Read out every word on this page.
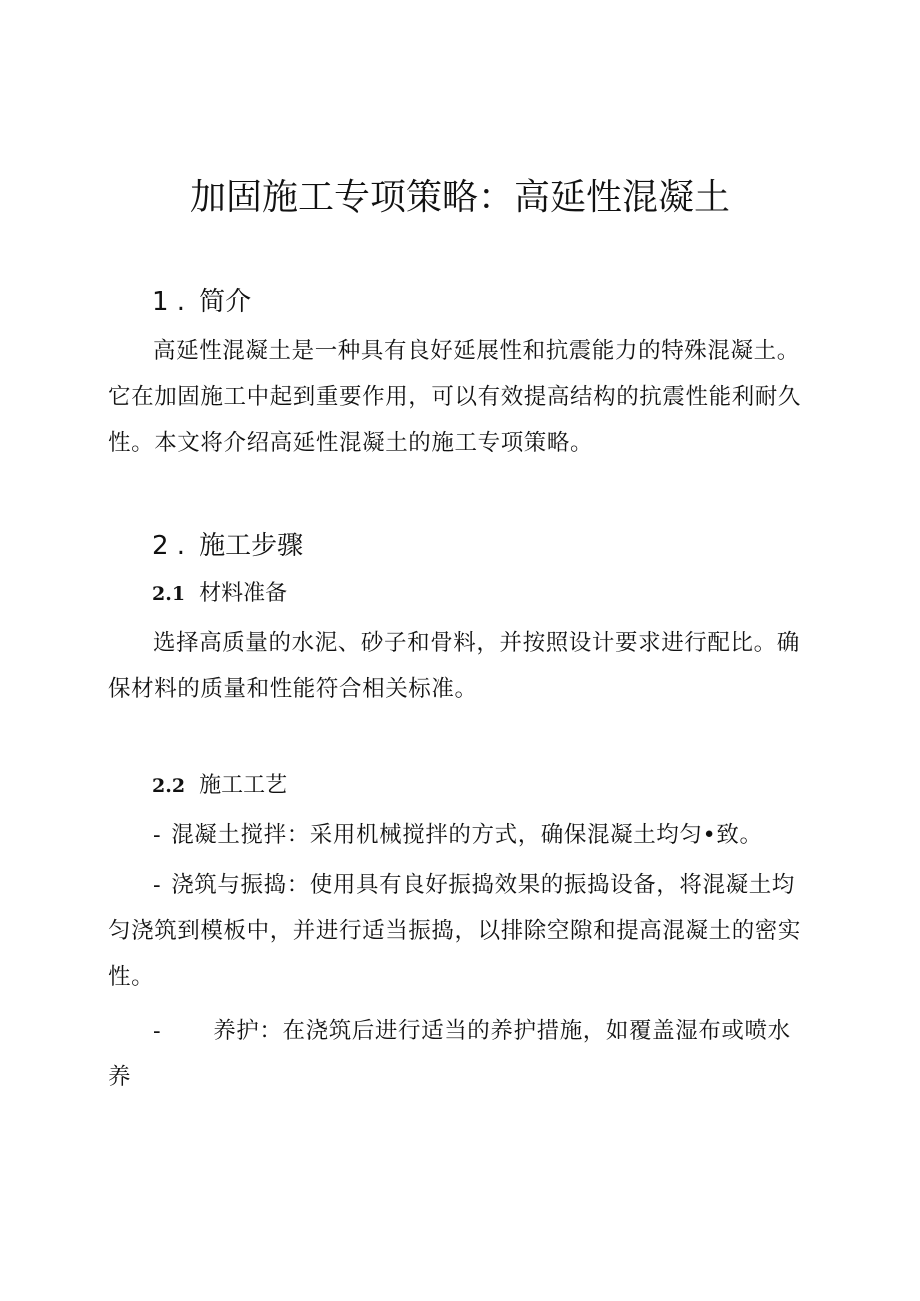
加固施工专项策略：高延性混凝土
1 . 简介
高延性混凝土是一种具有良好延展性和抗震能力的特殊混凝土。它在加固施工中起到重要作用，可以有效提高结构的抗震性能利耐久性。本文将介绍高延性混凝土的施工专项策略。
2 . 施工步骤
2.1 材料准备
选择高质量的水泥、砂子和骨料，并按照设计要求进行配比。确保材料的质量和性能符合相关标准。
2.2 施工工艺
- 混凝土搅拌：采用机械搅拌的方式，确保混凝土均匀•致。
- 浇筑与振捣：使用具有良好振捣效果的振捣设备，将混凝土均匀浇筑到模板中，并进行适当振捣，以排除空隙和提高混凝土的密实性。
- 养护：在浇筑后进行适当的养护措施，如覆盖湿布或喷水养
